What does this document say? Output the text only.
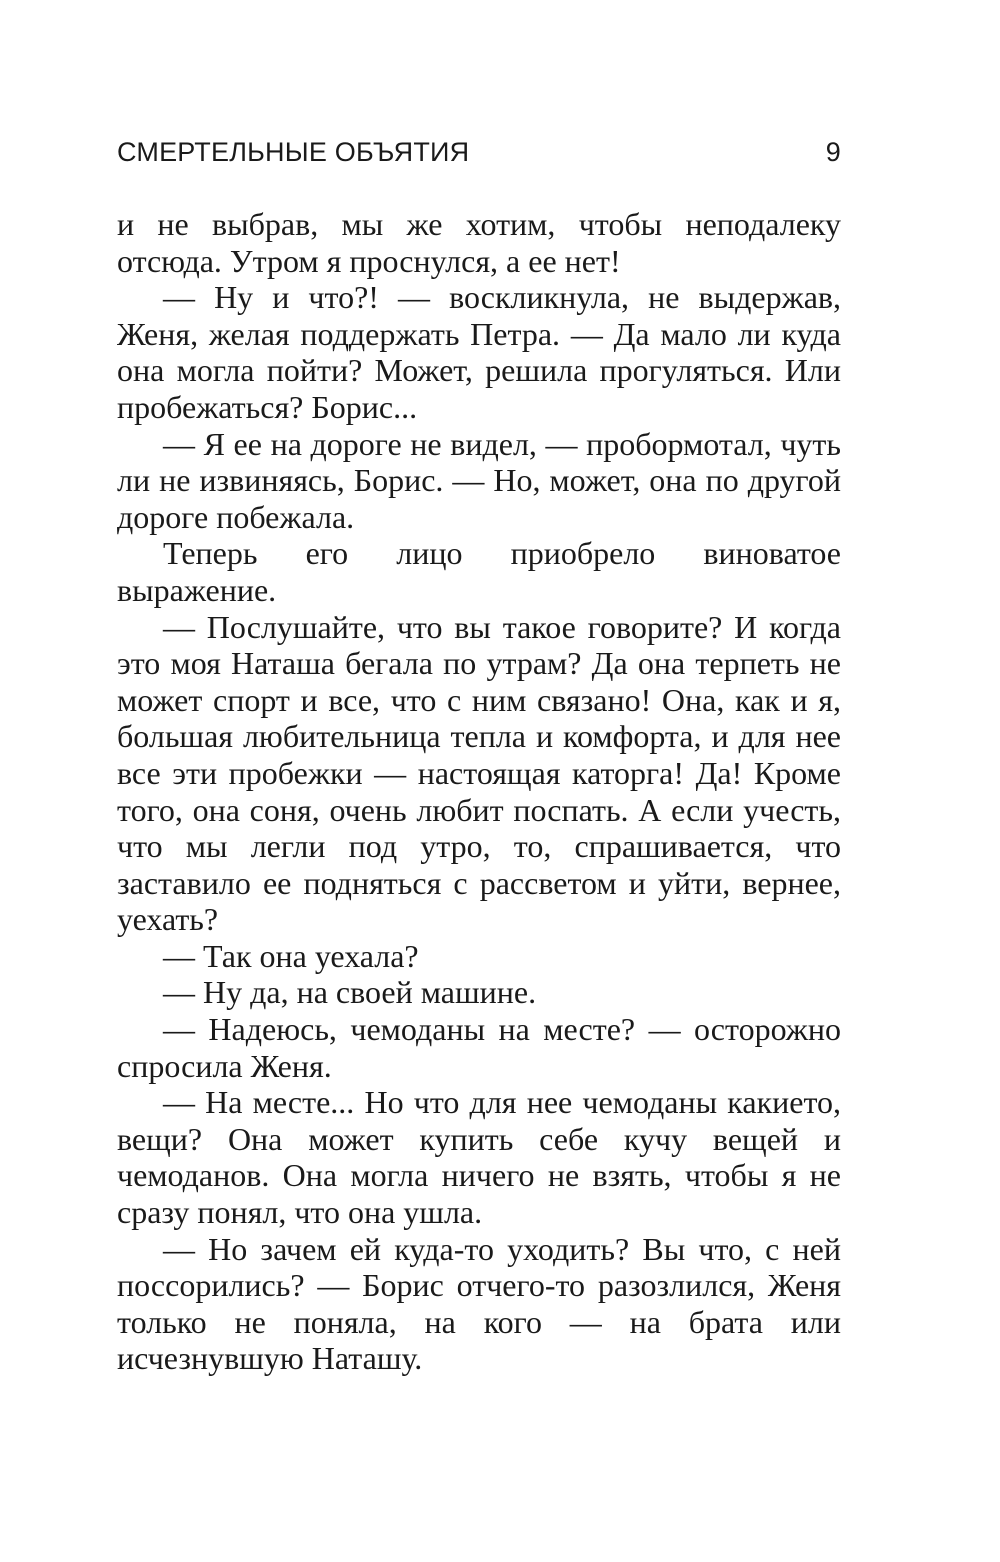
СМЕРТЕЛЬНЫЕ ОБЪЯТИЯ	9

и не выбрав, мы же хотим, чтобы неподалеку отсюда. Утром я проснулся, а ее нет!

— Ну и что?! — воскликнула, не выдержав, Женя, желая поддержать Петра. — Да мало ли куда она могла пойти? Может, решила прогуляться. Или пробежаться? Борис...

— Я ее на дороге не видел, — пробормотал, чуть ли не извиняясь, Борис. — Но, может, она по другой дороге побежала.

Теперь его лицо приобрело виноватое выражение.

— Послушайте, что вы такое говорите? И когда это моя Наташа бегала по утрам? Да она терпеть не может спорт и все, что с ним связано! Она, как и я, большая любительница тепла и комфорта, и для нее все эти пробежки — настоящая каторга! Да! Кроме того, она соня, очень любит поспать. А если учесть, что мы легли под утро, то, спрашивается, что заставило ее подняться с рассветом и уйти, вернее, уехать?

— Так она уехала?

— Ну да, на своей машине.

— Надеюсь, чемоданы на месте? — осторожно спросила Женя.

— На месте... Но что для нее чемоданы какието, вещи? Она может купить себе кучу вещей и чемоданов. Она могла ничего не взять, чтобы я не сразу понял, что она ушла.

— Но зачем ей куда-то уходить? Вы что, с ней поссорились? — Борис отчего-то разозлился, Женя только не поняла, на кого — на брата или исчезнувшую Наташу.
